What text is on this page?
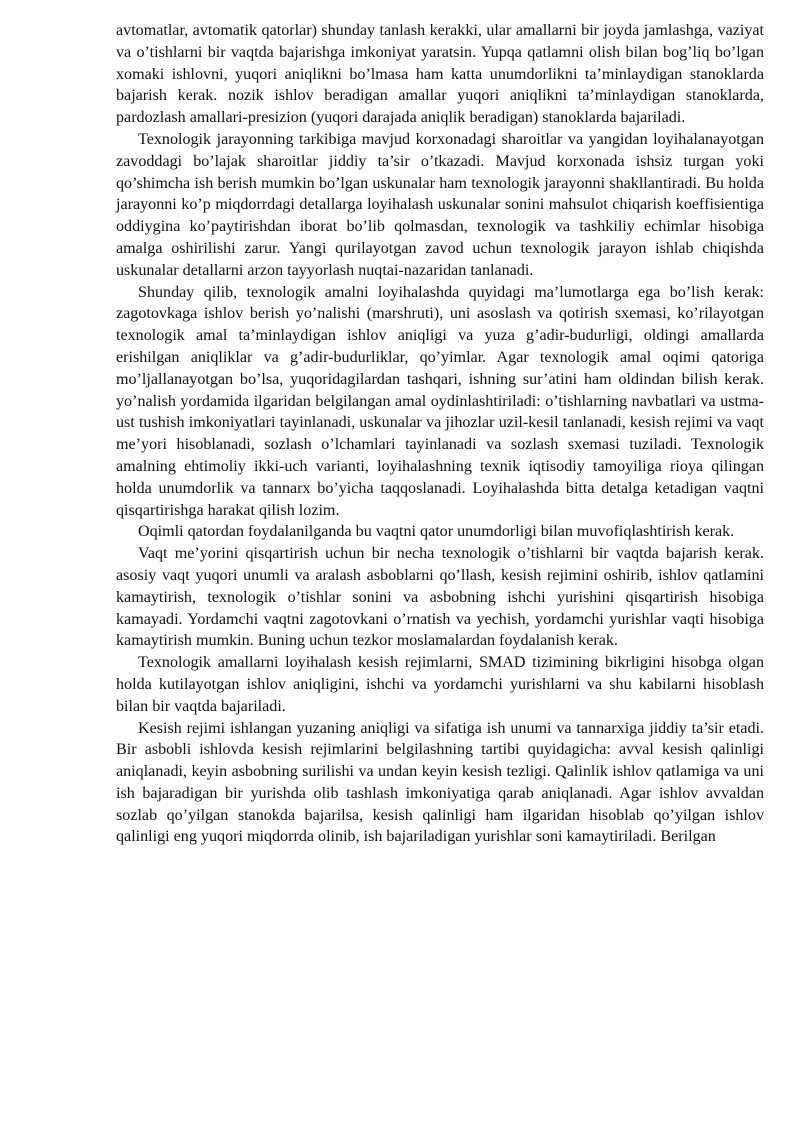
avtomatlar, avtomatik qatorlar) shunday tanlash kerakki, ular amallarni bir joyda jamlashga, vaziyat va o’tishlarni bir vaqtda bajarishga imkoniyat yaratsin. Yupqa qatlamni olish bilan bog’liq bo’lgan xomaki ishlovni, yuqori aniqlikni bo’lmasa ham katta unumdorlikni ta’minlaydigan stanoklarda bajarish kerak. nozik ishlov beradigan amallar yuqori aniqlikni ta’minlaydigan stanoklarda, pardozlash amallari-presizion (yuqori darajada aniqlik beradigan) stanoklarda bajariladi.

Texnologik jarayonning tarkibiga mavjud korxonadagi sharoitlar va yangidan loyihalanayotgan zavoddagi bo’lajak sharoitlar jiddiy ta’sir o’tkazadi. Mavjud korxonada ishsiz turgan yoki qo’shimcha ish berish mumkin bo’lgan uskunalar ham texnologik jarayonni shakllantiradi. Bu holda jarayonni ko’p miqdorrdagi detallarga loyihalash uskunalar sonini mahsulot chiqarish koeffisientiga oddiygina ko’paytirishdan iborat bo’lib qolmasdan, texnologik va tashkiliy echimlar hisobiga amalga oshirilishi zarur. Yangi qurilayotgan zavod uchun texnologik jarayon ishlab chiqishda uskunalar detallarni arzon tayyorlash nuqtai-nazaridan tanlanadi.

Shunday qilib, texnologik amalni loyihalashda quyidagi ma’lumotlarga ega bo’lish kerak: zagotovkaga ishlov berish yo’nalishi (marshruti), uni asoslash va qotirish sxemasi, ko’rilayotgan texnologik amal ta’minlaydigan ishlov aniqligi va yuza g’adir-budurligi, oldingi amallarda erishilgan aniqliklar va g’adir-budurliklar, qo’yimlar. Agar texnologik amal oqimi qatoriga mo’ljallanayotgan bo’lsa, yuqoridagilardan tashqari, ishning sur’atini ham oldindan bilish kerak. yo’nalish yordamida ilgaridan belgilangan amal oydinlashtiriladi: o’tishlarning navbatlari va ustma-ust tushish imkoniyatlari tayinlanadi, uskunalar va jihozlar uzil-kesil tanlanadi, kesish rejimi va vaqt me’yori hisoblanadi, sozlash o’lchamlari tayinlanadi va sozlash sxemasi tuziladi. Texnologik amalning ehtimoliy ikki-uch varianti, loyihalashning texnik iqtisodiy tamoyiliga rioya qilingan holda unumdorlik va tannarx bo’yicha taqqoslanadi. Loyihalashda bitta detalga ketadigan vaqtni qisqartirishga harakat qilish lozim.

Oqimli qatordan foydalanilganda bu vaqtni qator unumdorligi bilan muvofiqlashtirish kerak.

Vaqt me’yorini qisqartirish uchun bir necha texnologik o’tishlarni bir vaqtda bajarish kerak. asosiy vaqt yuqori unumli va aralash asboblarni qo’llash, kesish rejimini oshirib, ishlov qatlamini kamaytirish, texnologik o’tishlar sonini va asbobning ishchi yurishini qisqartirish hisobiga kamayadi. Yordamchi vaqtni zagotovkani o’rnatish va yechish, yordamchi yurishlar vaqti hisobiga kamaytirish mumkin. Buning uchun tezkor moslamalardan foydalanish kerak.

Texnologik amallarni loyihalash kesish rejimlarni, SMAD tizimining bikrligini hisobga olgan holda kutilayotgan ishlov aniqligini, ishchi va yordamchi yurishlarni va shu kabilarni hisoblash bilan bir vaqtda bajariladi.

Kesish rejimi ishlangan yuzaning aniqligi va sifatiga ish unumi va tannarxiga jiddiy ta’sir etadi. Bir asbobli ishlovda kesish rejimlarini belgilashning tartibi quyidagicha: avval kesish qalinligi aniqlanadi, keyin asbobning surilishi va undan keyin kesish tezligi. Qalinlik ishlov qatlamiga va uni ish bajaradigan bir yurishda olib tashlash imkoniyatiga qarab aniqlanadi. Agar ishlov avvaldan sozlab qo’yilgan stanokda bajarilsa, kesish qalinligi ham ilgaridan hisoblab qo’yilgan ishlov qalinligi eng yuqori miqdorrda olinib, ish bajariladigan yurishlar soni kamaytiriladi. Berilgan
